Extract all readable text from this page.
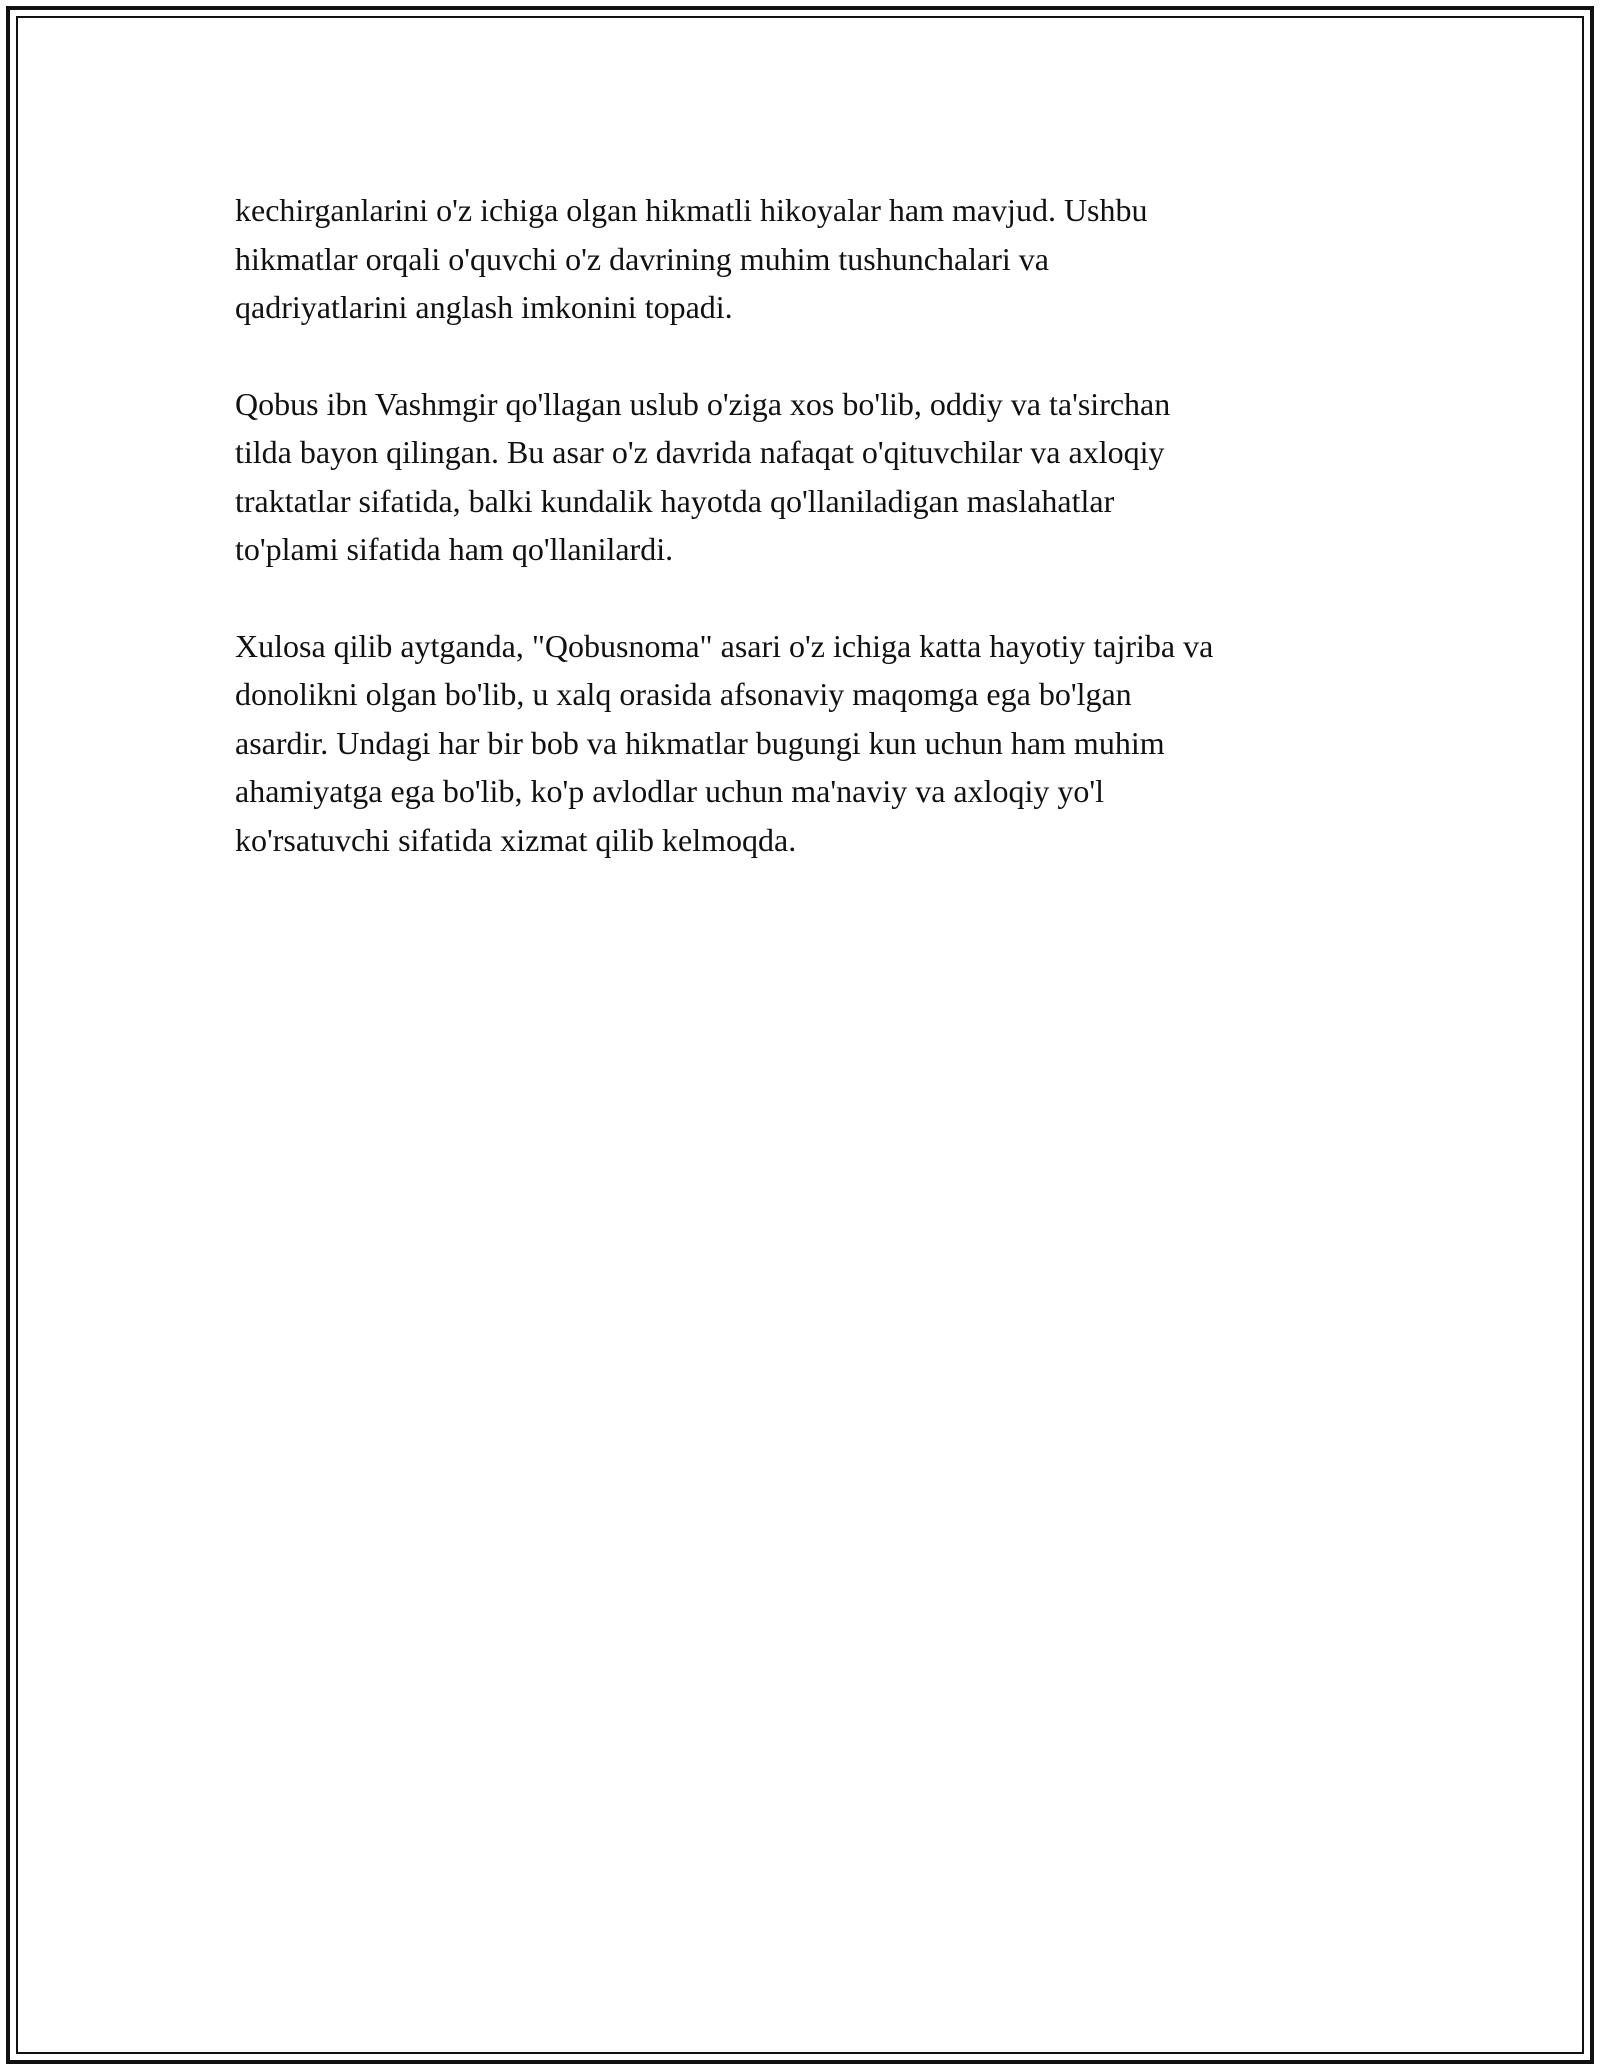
kechirganlarini o'z ichiga olgan hikmatli hikoyalar ham mavjud. Ushbu
hikmatlar orqali o'quvchi o'z davrining muhim tushunchalari va
qadriyatlarini anglash imkonini topadi.

Qobus ibn Vashmgir qo'llagan uslub o'ziga xos bo'lib, oddiy va ta'sirchan
tilda bayon qilingan. Bu asar o'z davrida nafaqat o'qituvchilar va axloqiy
traktatlar sifatida, balki kundalik hayotda qo'llaniladigan maslahatlar
to'plami sifatida ham qo'llanilardi.

Xulosa qilib aytganda, "Qobusnoma" asari o'z ichiga katta hayotiy tajriba va
donolikni olgan bo'lib, u xalq orasida afsonaviy maqomga ega bo'lgan
asardir. Undagi har bir bob va hikmatlar bugungi kun uchun ham muhim
ahamiyatga ega bo'lib, ko'p avlodlar uchun ma'naviy va axloqiy yo'l
ko'rsatuvchi sifatida xizmat qilib kelmoqda.
